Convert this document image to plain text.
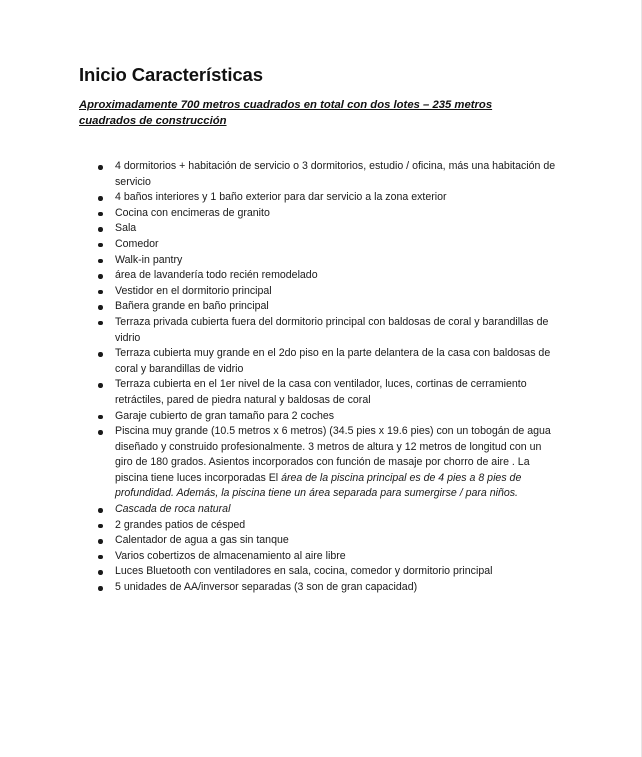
Inicio Características

Aproximadamente 700 metros cuadrados en total con dos lotes – 235 metros cuadrados de construcción

4 dormitorios + habitación de servicio o 3 dormitorios, estudio / oficina, más una habitación de servicio
4 baños interiores y 1 baño exterior para dar servicio a la zona exterior
Cocina con encimeras de granito
Sala
Comedor
Walk-in pantry
área de lavandería todo recién remodelado
Vestidor en el dormitorio principal
Bañera grande en baño principal
Terraza privada cubierta fuera del dormitorio principal con baldosas de coral y barandillas de vidrio
Terraza cubierta muy grande en el 2do piso en la parte delantera de la casa con baldosas de coral y barandillas de vidrio
Terraza cubierta en el 1er nivel de la casa con ventilador, luces, cortinas de cerramiento retráctiles, pared de piedra natural y baldosas de coral
Garaje cubierto de gran tamaño para 2 coches
Piscina muy grande (10.5 metros x 6 metros) (34.5 pies x 19.6 pies) con un tobogán de agua diseñado y construido profesionalmente. 3 metros de altura y 12 metros de longitud con un giro de 180 grados. Asientos incorporados con función de masaje por chorro de aire . La piscina tiene luces incorporadas El área de la piscina principal es de 4 pies a 8 pies de profundidad. Además, la piscina tiene un área separada para sumergirse / para niños.
Cascada de roca natural
2 grandes patios de césped
Calentador de agua a gas sin tanque
Varios cobertizos de almacenamiento al aire libre
Luces Bluetooth con ventiladores en sala, cocina, comedor y dormitorio principal
5 unidades de AA/inversor separadas (3 son de gran capacidad)
